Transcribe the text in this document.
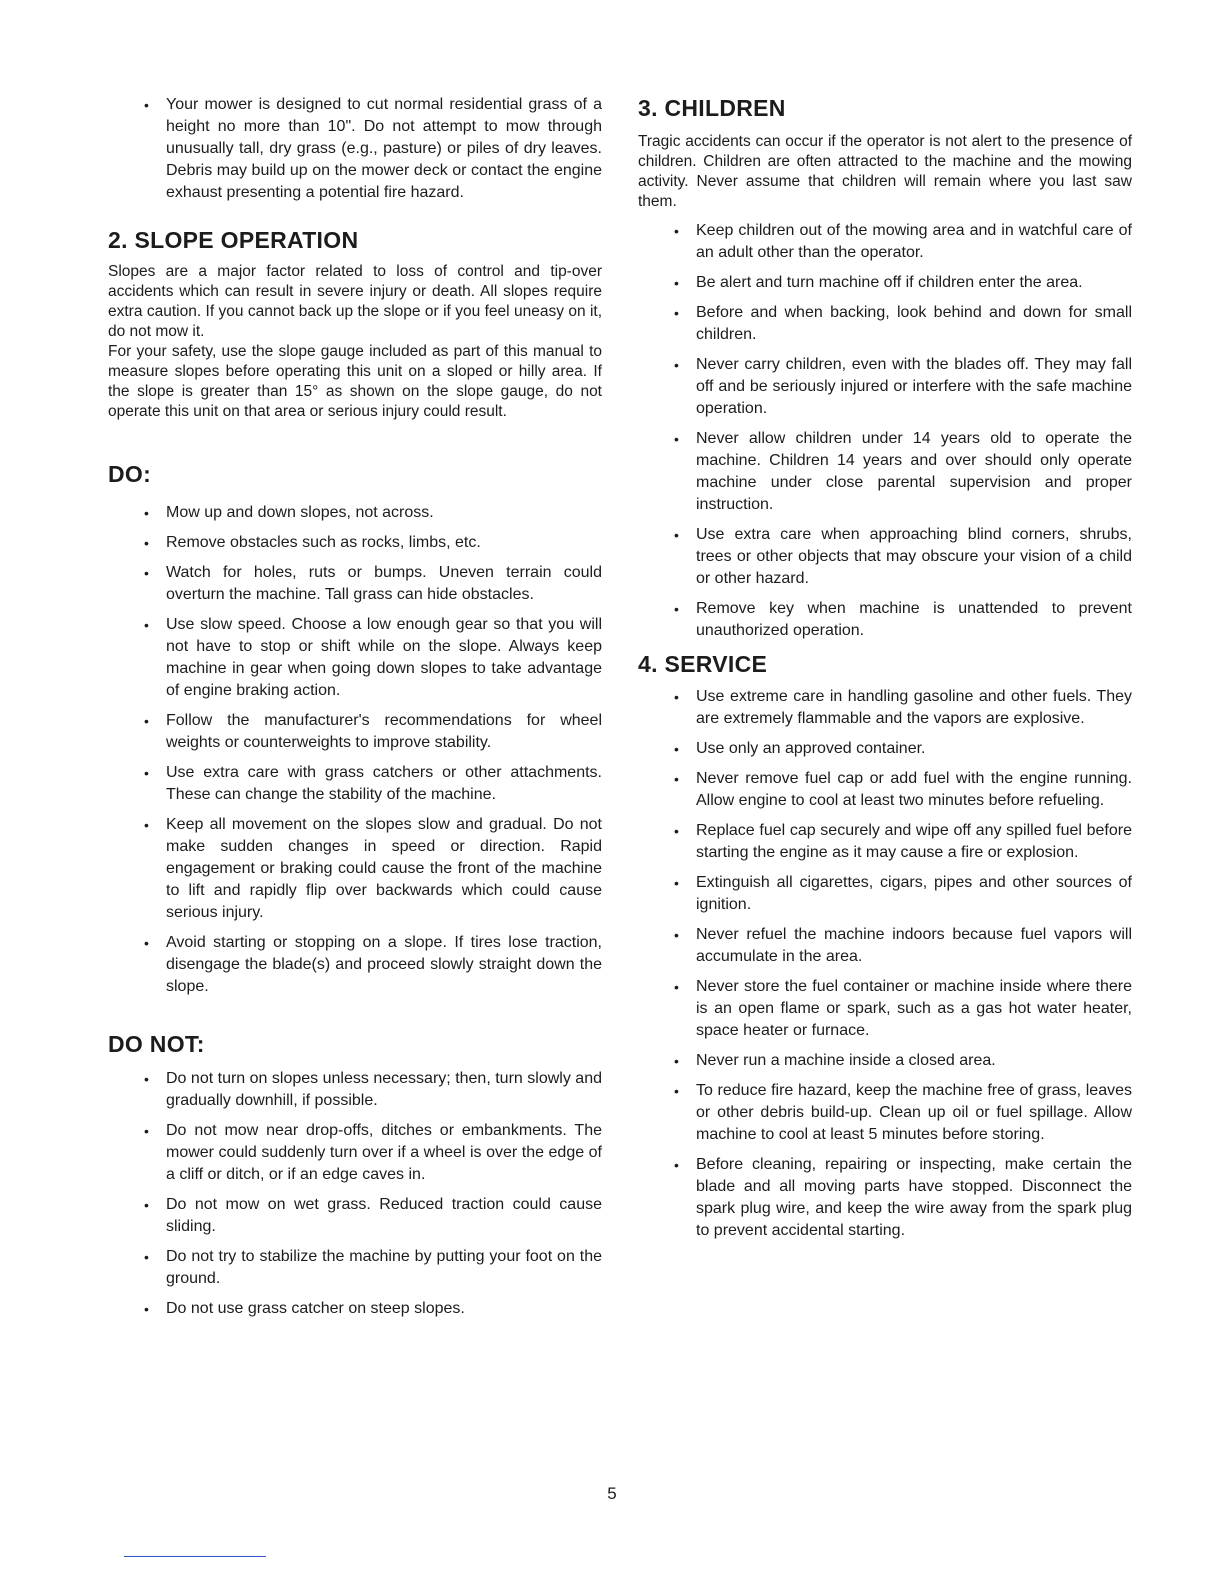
• Your mower is designed to cut normal residential grass of a height no more than 10". Do not attempt to mow through unusually tall, dry grass (e.g., pasture) or piles of dry leaves. Debris may build up on the mower deck or contact the engine exhaust presenting a potential fire hazard.
2. SLOPE OPERATION

Slopes are a major factor related to loss of control and tip-over accidents which can result in severe injury or death. All slopes require extra caution. If you cannot back up the slope or if you feel uneasy on it, do not mow it.

For your safety, use the slope gauge included as part of this manual to measure slopes before operating this unit on a sloped or hilly area. If the slope is greater than 15° as shown on the slope gauge, do not operate this unit on that area or serious injury could result.

DO:
• Mow up and down slopes, not across.
• Remove obstacles such as rocks, limbs, etc.
• Watch for holes, ruts or bumps. Uneven terrain could overturn the machine. Tall grass can hide obstacles.
• Use slow speed. Choose a low enough gear so that you will not have to stop or shift while on the slope. Always keep machine in gear when going down slopes to take advantage of engine braking action.
• Follow the manufacturer's recommendations for wheel weights or counterweights to improve stability.
• Use extra care with grass catchers or other attachments. These can change the stability of the machine.
• Keep all movement on the slopes slow and gradual. Do not make sudden changes in speed or direction. Rapid engagement or braking could cause the front of the machine to lift and rapidly flip over backwards which could cause serious injury.
• Avoid starting or stopping on a slope. If tires lose traction, disengage the blade(s) and proceed slowly straight down the slope.
DO NOT:
• Do not turn on slopes unless necessary; then, turn slowly and gradually downhill, if possible.
• Do not mow near drop-offs, ditches or embankments. The mower could suddenly turn over if a wheel is over the edge of a cliff or ditch, or if an edge caves in.
• Do not mow on wet grass. Reduced traction could cause sliding.
• Do not try to stabilize the machine by putting your foot on the ground.
• Do not use grass catcher on steep slopes.
3. CHILDREN

Tragic accidents can occur if the operator is not alert to the presence of children. Children are often attracted to the machine and the mowing activity. Never assume that children will remain where you last saw them.

• Keep children out of the mowing area and in watchful care of an adult other than the operator.
• Be alert and turn machine off if children enter the area.
• Before and when backing, look behind and down for small children.
• Never carry children, even with the blades off. They may fall off and be seriously injured or interfere with the safe machine operation.
• Never allow children under 14 years old to operate the machine. Children 14 years and over should only operate machine under close parental supervision and proper instruction.
• Use extra care when approaching blind corners, shrubs, trees or other objects that may obscure your vision of a child or other hazard.
• Remove key when machine is unattended to prevent unauthorized operation.
4. SERVICE
• Use extreme care in handling gasoline and other fuels. They are extremely flammable and the vapors are explosive.
• Use only an approved container.
• Never remove fuel cap or add fuel with the engine running. Allow engine to cool at least two minutes before refueling.
• Replace fuel cap securely and wipe off any spilled fuel before starting the engine as it may cause a fire or explosion.
• Extinguish all cigarettes, cigars, pipes and other sources of ignition.
• Never refuel the machine indoors because fuel vapors will accumulate in the area.
• Never store the fuel container or machine inside where there is an open flame or spark, such as a gas hot water heater, space heater or furnace.
• Never run a machine inside a closed area.
• To reduce fire hazard, keep the machine free of grass, leaves or other debris build-up. Clean up oil or fuel spillage. Allow machine to cool at least 5 minutes before storing.
• Before cleaning, repairing or inspecting, make certain the blade and all moving parts have stopped. Disconnect the spark plug wire, and keep the wire away from the spark plug to prevent accidental starting.
5
